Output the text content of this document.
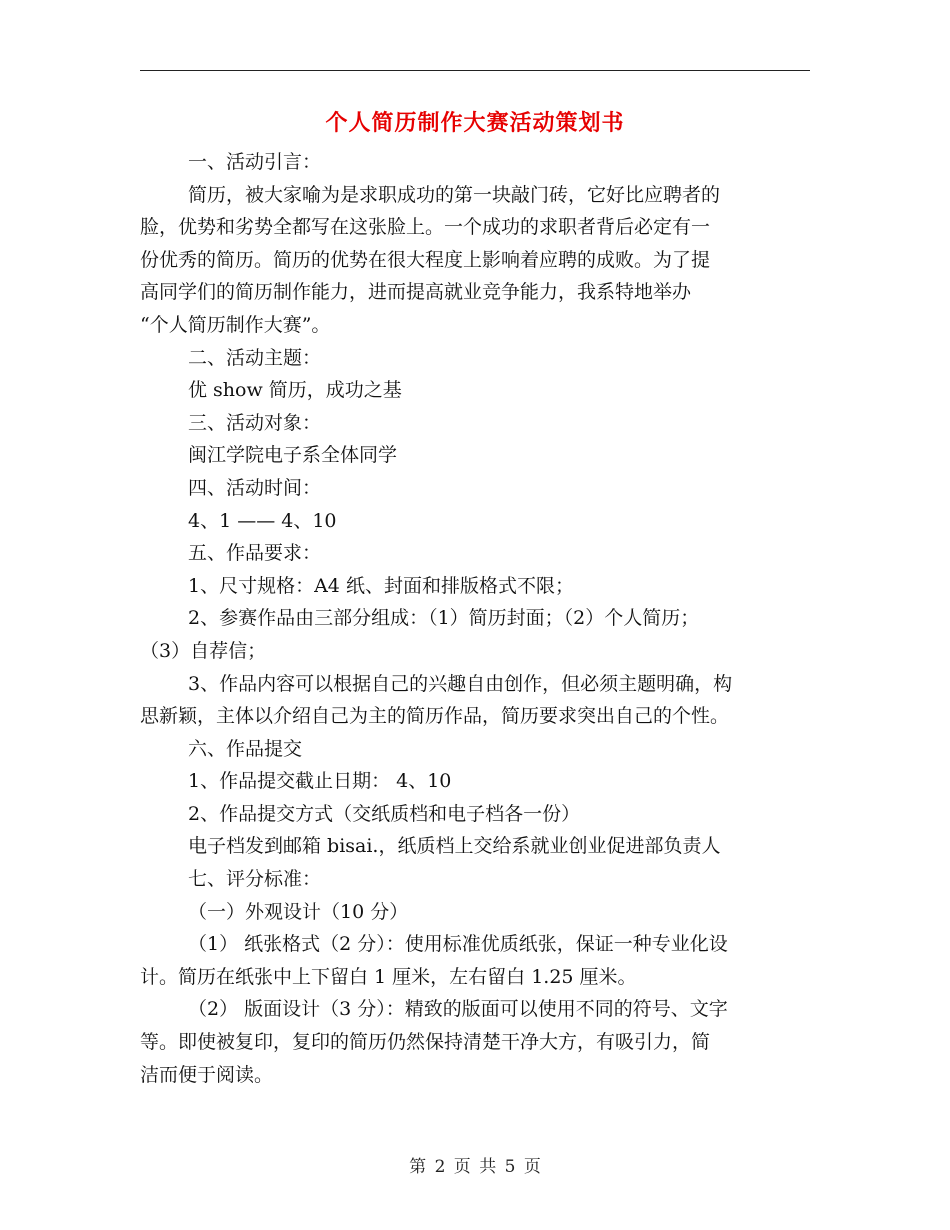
个人简历制作大赛活动策划书

一、活动引言：

简历，被大家喻为是求职成功的第一块敲门砖，它好比应聘者的

脸，优势和劣势全都写在这张脸上。一个成功的求职者背后必定有一

份优秀的简历。简历的优势在很大程度上影响着应聘的成败。为了提

高同学们的简历制作能力，进而提高就业竞争能力，我系特地举办

“个人简历制作大赛”。

二、活动主题：

优 show 简历，成功之基

三、活动对象：

闽江学院电子系全体同学

四、活动时间：

4、1 —— 4、10

五、作品要求：

1、尺寸规格：A4 纸、封面和排版格式不限；

2、参赛作品由三部分组成：（1）简历封面；（2）个人简历；

（3）自荐信；

3、作品内容可以根据自己的兴趣自由创作，但必须主题明确，构

思新颖，主体以介绍自己为主的简历作品，简历要求突出自己的个性。

六、作品提交

1、作品提交截止日期： 4、10

2、作品提交方式（交纸质档和电子档各一份）

电子档发到邮箱 bisai.，纸质档上交给系就业创业促进部负责人

七、评分标准：

（一）外观设计（10 分）

（1） 纸张格式（2 分）：使用标准优质纸张，保证一种专业化设

计。简历在纸张中上下留白 1 厘米，左右留白 1.25 厘米。

（2） 版面设计（3 分）：精致的版面可以使用不同的符号、文字

等。即使被复印，复印的简历仍然保持清楚干净大方，有吸引力，简

洁而便于阅读。

第 2 页 共 5 页
